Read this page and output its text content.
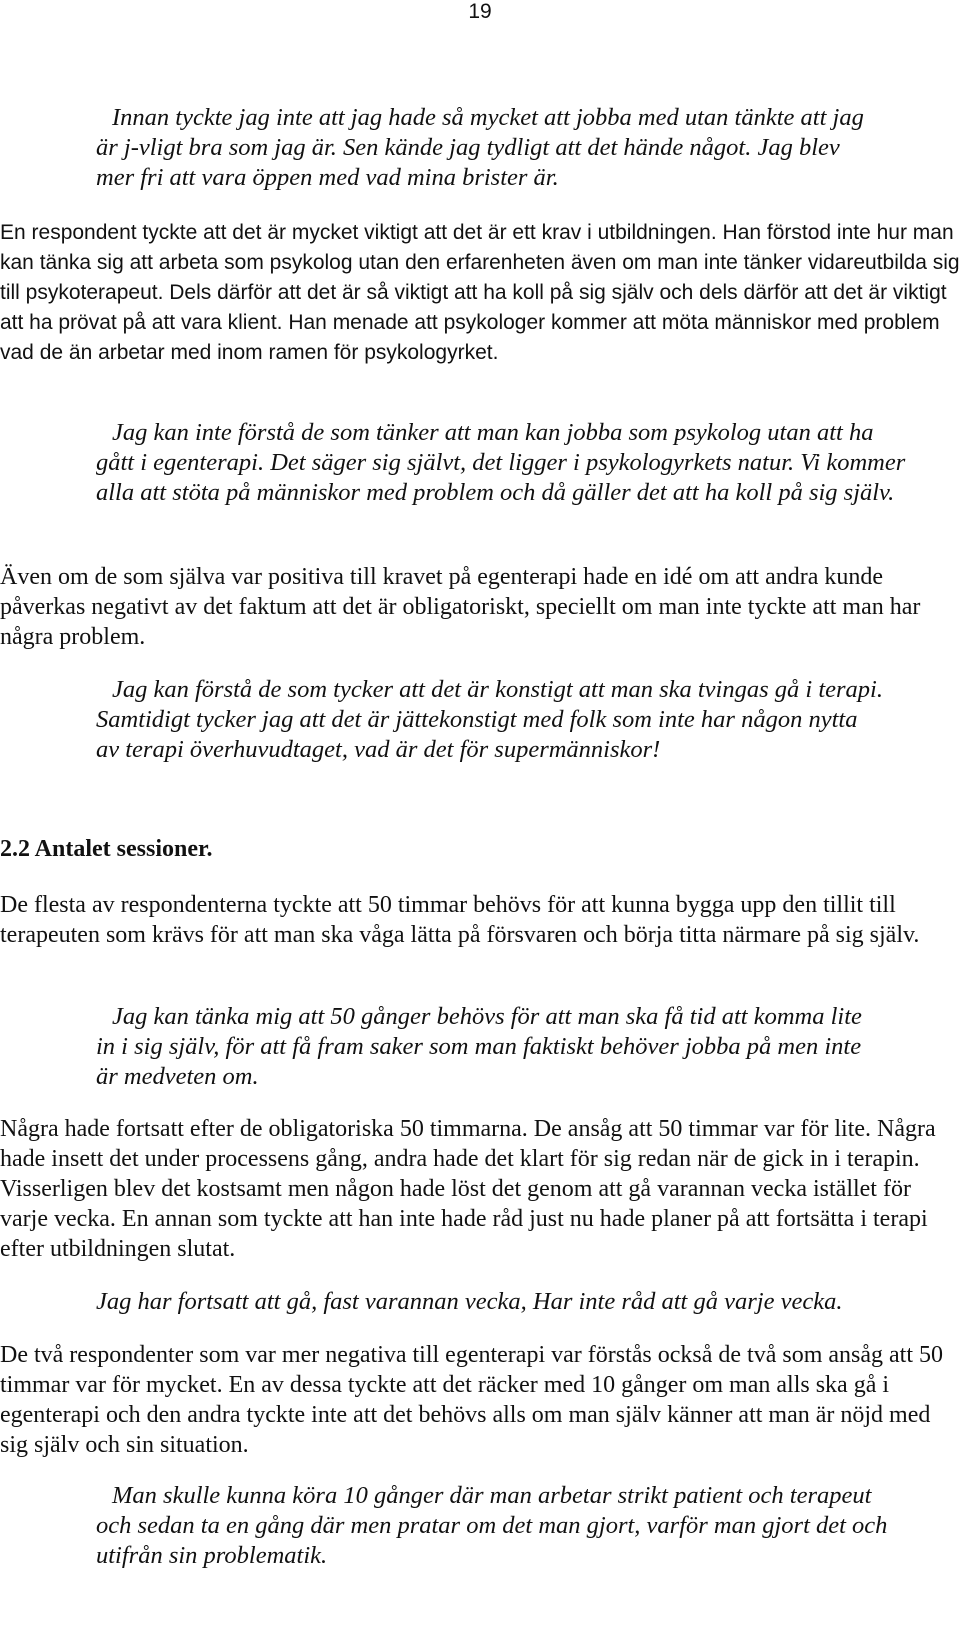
19

Innan tyckte jag inte att jag hade så mycket att jobba med utan tänkte att jag är j-vligt bra som jag är. Sen kände jag tydligt att det hände något. Jag blev mer fri att vara öppen med vad mina brister är.

En respondent tyckte att det är mycket viktigt att det är ett krav i utbildningen. Han förstod inte hur man kan tänka sig att arbeta som psykolog utan den erfarenheten även om man inte tänker vidareutbilda sig till psykoterapeut. Dels därför att det är så viktigt att ha koll på sig själv och dels därför att det är viktigt att ha prövat på att vara klient. Han menade att psykologer kommer att möta människor med problem vad de än arbetar med inom ramen för psykologyrket.

Jag kan inte förstå de som tänker att man kan jobba som psykolog utan att ha gått i egenterapi. Det säger sig självt, det ligger i psykologyrkets natur. Vi kommer alla att stöta på människor med problem och då gäller det att ha koll på sig själv.

Även om de som själva var positiva till kravet på egenterapi hade en idé om att andra kunde påverkas negativt av det faktum att det är obligatoriskt, speciellt om man inte tyckte att man har några problem.

Jag kan förstå de som tycker att det är konstigt att man ska tvingas gå i terapi. Samtidigt tycker jag att det är jättekonstigt med folk som inte har någon nytta av terapi överhuvudtaget, vad är det för supermänniskor!

2.2 Antalet sessioner.

De flesta av respondenterna tyckte att 50 timmar behövs för att kunna bygga upp den tillit till terapeuten som krävs för att man ska våga lätta på försvaren och börja titta närmare på sig själv.

Jag kan tänka mig att 50 gånger behövs för att man ska få tid att komma lite in i sig själv, för att få fram saker som man faktiskt behöver jobba på men inte är medveten om.

Några hade fortsatt efter de obligatoriska 50 timmarna. De ansåg att 50 timmar var för lite. Några hade insett det under processens gång, andra hade det klart för sig redan när de gick in i terapin. Visserligen blev det kostsamt men någon hade löst det genom att gå varannan vecka istället för varje vecka. En annan som tyckte att han inte hade råd just nu hade planer på att fortsätta i terapi efter utbildningen slutat.

Jag har fortsatt att gå, fast varannan vecka, Har inte råd att gå varje vecka.

De två respondenter som var mer negativa till egenterapi var förstås också de två som ansåg att 50 timmar var för mycket. En av dessa tyckte att det räcker med 10 gånger om man alls ska gå i egenterapi och den andra tyckte inte att det behövs alls om man själv känner att man är nöjd med sig själv och sin situation.

Man skulle kunna köra 10 gånger där man arbetar strikt patient och terapeut och sedan ta en gång där men pratar om det man gjort, varför man gjort det och utifrån sin problematik.
